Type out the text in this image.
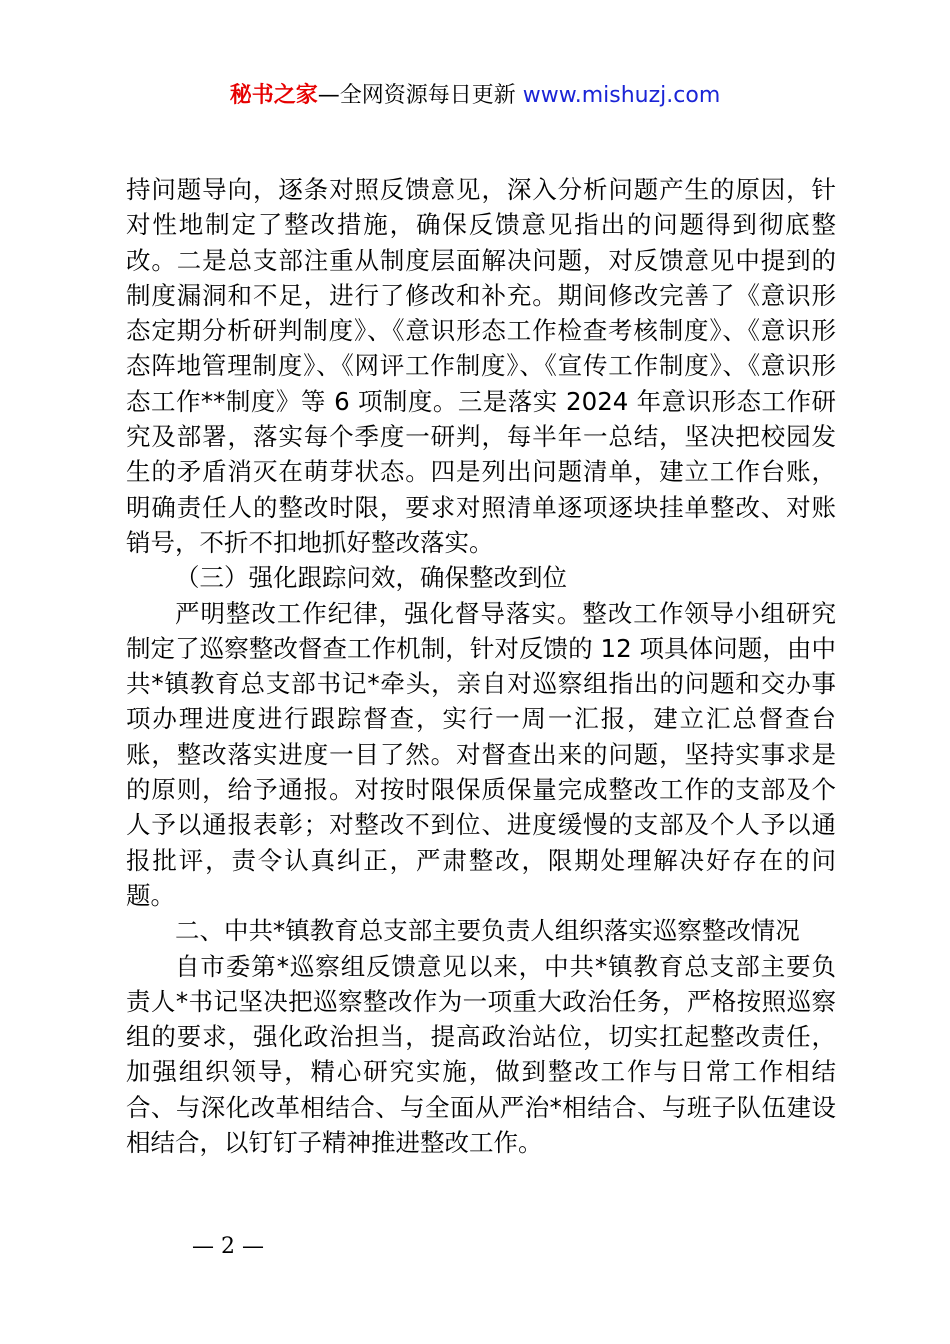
秘书之家—全网资源每日更新 www.mishuzj.com

持问题导向，逐条对照反馈意见，深入分析问题产生的原因，针对性地制定了整改措施，确保反馈意见指出的问题得到彻底整改。二是总支部注重从制度层面解决问题，对反馈意见中提到的制度漏洞和不足，进行了修改和补充。期间修改完善了《意识形态定期分析研判制度》、《意识形态工作检查考核制度》、《意识形态阵地管理制度》、《网评工作制度》、《宣传工作制度》、《意识形态工作**制度》等 6 项制度。三是落实 2024 年意识形态工作研究及部署，落实每个季度一研判，每半年一总结，坚决把校园发生的矛盾消灭在萌芽状态。四是列出问题清单，建立工作台账，明确责任人的整改时限，要求对照清单逐项逐块挂单整改、对账销号，不折不扣地抓好整改落实。

（三）强化跟踪问效，确保整改到位

严明整改工作纪律，强化督导落实。整改工作领导小组研究制定了巡察整改督查工作机制，针对反馈的 12 项具体问题，由中共*镇教育总支部书记*牵头，亲自对巡察组指出的问题和交办事项办理进度进行跟踪督查，实行一周一汇报，建立汇总督查台账，整改落实进度一目了然。对督查出来的问题，坚持实事求是的原则，给予通报。对按时限保质保量完成整改工作的支部及个人予以通报表彰；对整改不到位、进度缓慢的支部及个人予以通报批评，责令认真纠正，严肃整改，限期处理解决好存在的问题。

二、中共*镇教育总支部主要负责人组织落实巡察整改情况

自市委第*巡察组反馈意见以来，中共*镇教育总支部主要负责人*书记坚决把巡察整改作为一项重大政治任务，严格按照巡察组的要求，强化政治担当，提高政治站位，切实扛起整改责任，加强组织领导，精心研究实施，做到整改工作与日常工作相结合、与深化改革相结合、与全面从严治*相结合、与班子队伍建设相结合，以钉钉子精神推进整改工作。

— 2 —
